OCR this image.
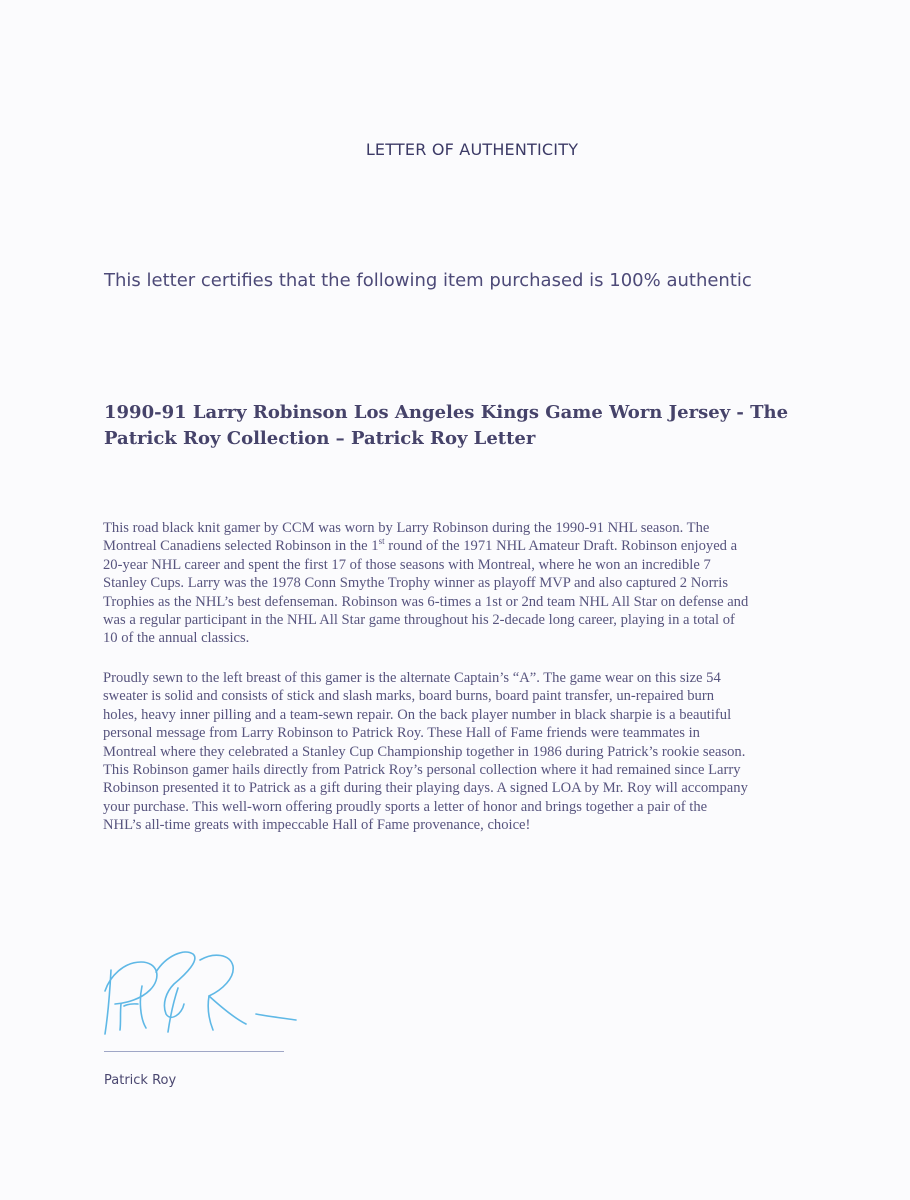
LETTER OF AUTHENTICITY
This letter certifies that the following item purchased is 100% authentic
1990-91 Larry Robinson Los Angeles Kings Game Worn Jersey - The
Patrick Roy Collection – Patrick Roy Letter
This road black knit gamer by CCM was worn by Larry Robinson during the 1990-91 NHL season. The
Montreal Canadiens selected Robinson in the 1st round of the 1971 NHL Amateur Draft. Robinson enjoyed a
20-year NHL career and spent the first 17 of those seasons with Montreal, where he won an incredible 7
Stanley Cups. Larry was the 1978 Conn Smythe Trophy winner as playoff MVP and also captured 2 Norris
Trophies as the NHL’s best defenseman. Robinson was 6-times a 1st or 2nd team NHL All Star on defense and
was a regular participant in the NHL All Star game throughout his 2-decade long career, playing in a total of
10 of the annual classics.
Proudly sewn to the left breast of this gamer is the alternate Captain’s “A”. The game wear on this size 54
sweater is solid and consists of stick and slash marks, board burns, board paint transfer, un-repaired burn
holes, heavy inner pilling and a team-sewn repair. On the back player number in black sharpie is a beautiful
personal message from Larry Robinson to Patrick Roy. These Hall of Fame friends were teammates in
Montreal where they celebrated a Stanley Cup Championship together in 1986 during Patrick’s rookie season.
This Robinson gamer hails directly from Patrick Roy’s personal collection where it had remained since Larry
Robinson presented it to Patrick as a gift during their playing days. A signed LOA by Mr. Roy will accompany
your purchase. This well-worn offering proudly sports a letter of honor and brings together a pair of the
NHL’s all-time greats with impeccable Hall of Fame provenance, choice!
Patrick Roy
